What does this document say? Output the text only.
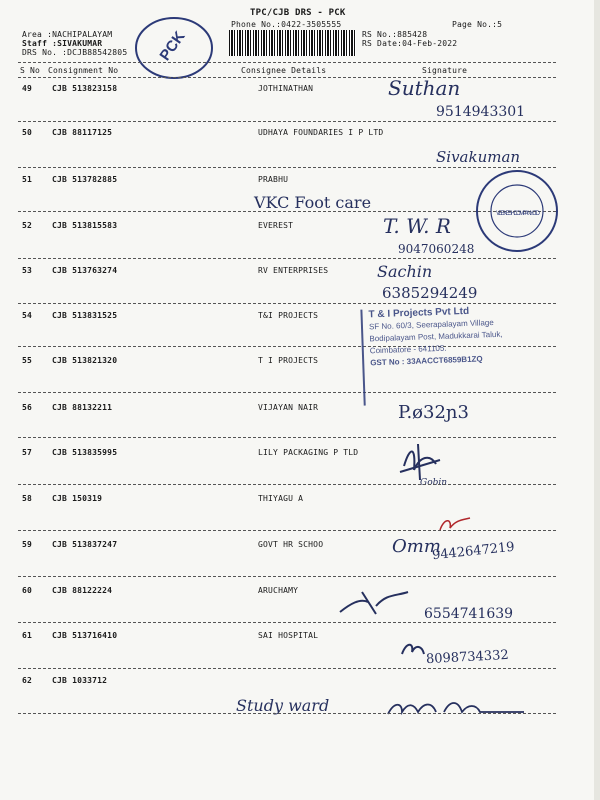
TPC/CJB DRS - PCK
Phone No.:0422-3505555	Page No.:5
Area :NACHIPALAYAM
Staff :SIVAKUMAR
DRS No. :DCJB88542805
RS No.:885428
RS Date:04-Feb-2022
PCK
S No Consignment No	Consignee Details	Signature
49 CJB 513823158	JOTHINATHAN	Suthan
9514943301
50 CJB 88117125	UDHAYA FOUNDARIES I P LTD
Sivakuman
51 CJB 513782885	PRABHU
VKC Foot care
52 CJB 513815583	EVEREST	T. W. R
9047060248
53 CJB 513763274	RV ENTERPRISES	Sachin
6385294249
54 CJB 513831525	T&I PROJECTS
55 CJB 513821320	T I PROJECTS
T & I Projects Pvt Ltd
SF No. 60/3, Seerapalayam Village
Bodipalayam Post, Madukkarai Taluk,
Coimbatore - 641105.
GST No : 33AACCT6859B1ZQ
56 CJB 88132211	VIJAYAN NAIR	P.ø32ɲ3
57 CJB 513835995	LILY PACKAGING P TLD
Gobin
58 CJB 150319	THIYAGU A
59 CJB 513837247	GOVT HR SCHOO	Omm
9442647219
60 CJB 88122224	ARUCHAMY
6554741639
61 CJB 513716410	SAI HOSPITAL
8098734332
62 CJB 1033712
Study ward
VEEKESH COMPANY LTD
